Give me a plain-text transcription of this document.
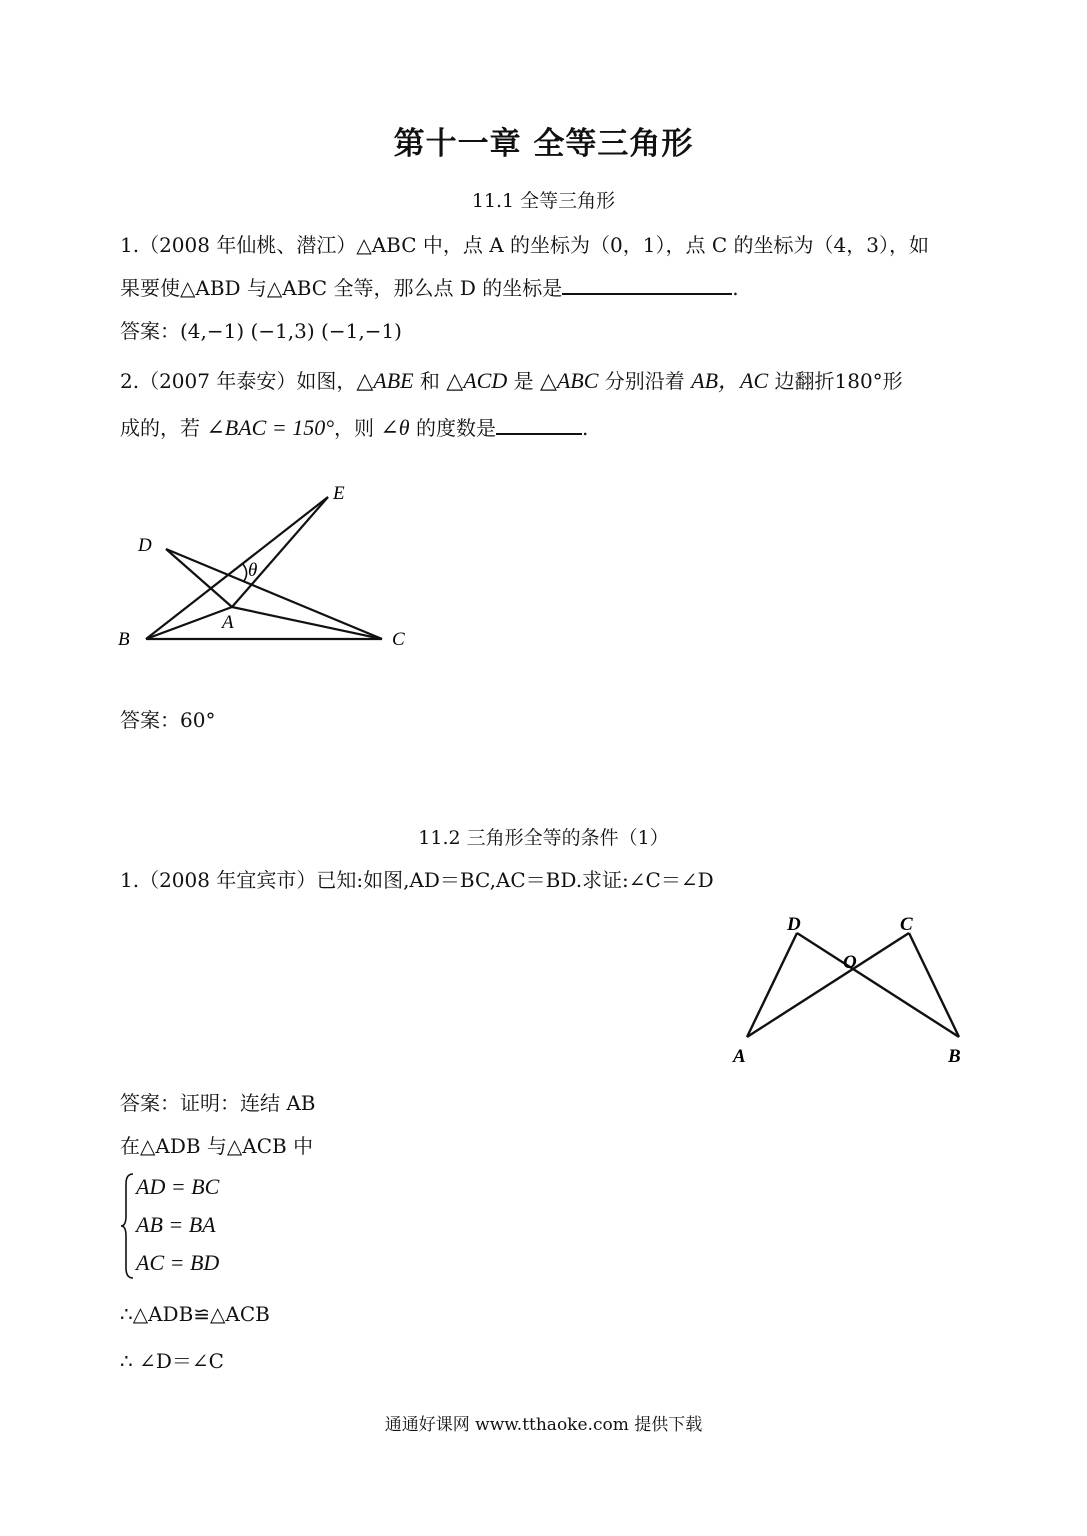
第十一章 全等三角形
11.1 全等三角形
1.（2008 年仙桃、潜江）△ABC 中，点 A 的坐标为（0，1），点 C 的坐标为（4，3），如
果要使△ABD 与△ABC 全等，那么点 D 的坐标是	.
答案：(4,−1) (−1,3) (−1,−1)
2.（2007 年泰安）如图，△ABE 和 △ACD 是 △ABC 分别沿着 AB，AC 边翻折180°形
成的，若 ∠BAC = 150°，则 ∠θ 的度数是	.
E
D
θ
A
B	C
答案：60°
11.2 三角形全等的条件（1）
1.（2008 年宜宾市）已知:如图,AD＝BC,AC＝BD.求证:∠C＝∠D
D	C
O
A	B
答案：证明：连结 AB
在△ADB 与△ACB 中
AD = BC
AB = BA
AC = BD
∴△ADB≌△ACB
∴ ∠D＝∠C
通通好课网 www.tthaoke.com 提供下载
